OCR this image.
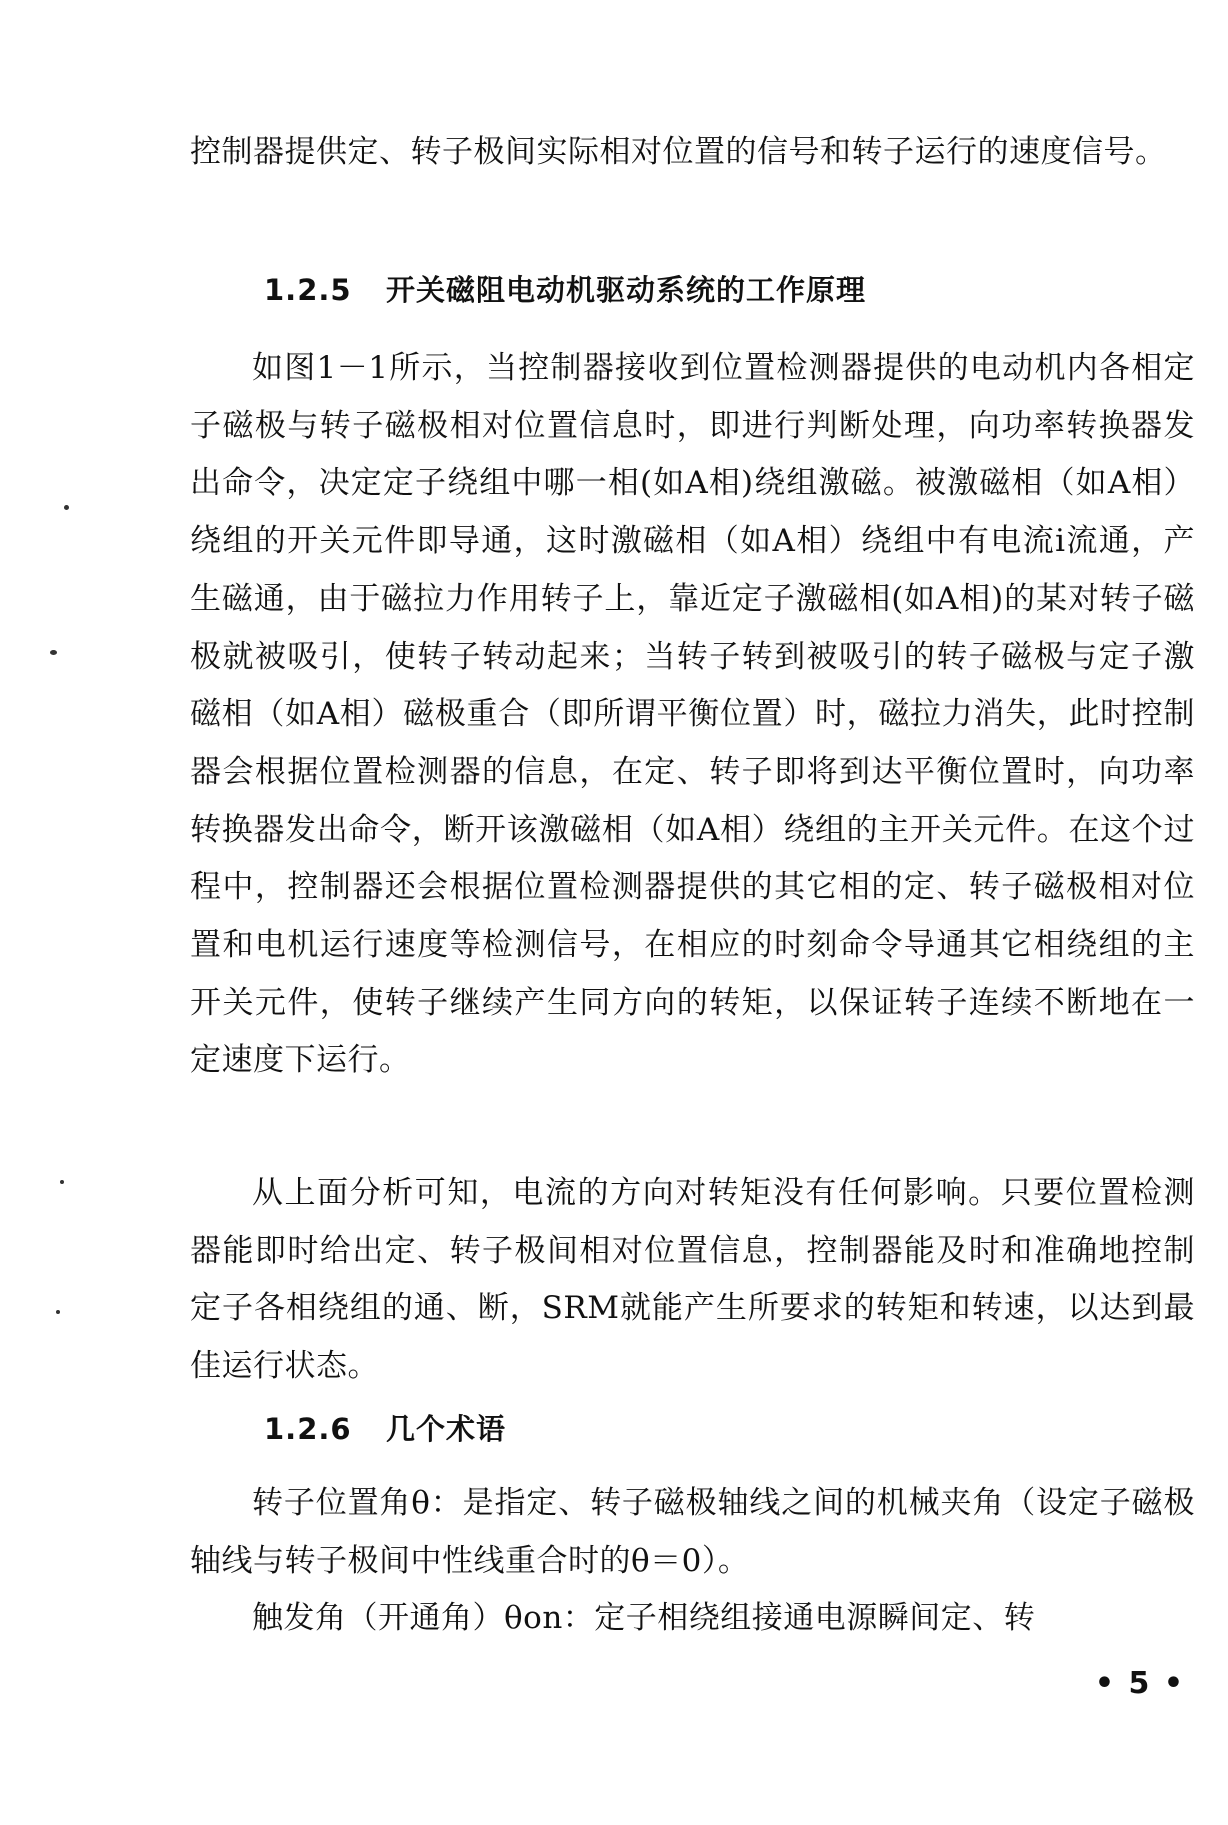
控制器提供定、转子极间实际相对位置的信号和转子运行的速度信号。

1.2.5 开关磁阻电动机驱动系统的工作原理

如图1－1所示，当控制器接收到位置检测器提供的电动机内各相定子磁极与转子磁极相对位置信息时，即进行判断处理，向功率转换器发出命令，决定定子绕组中哪一相(如A相)绕组激磁。被激磁相（如A相）绕组的开关元件即导通，这时激磁相（如A相）绕组中有电流i流通，产生磁通，由于磁拉力作用转子上，靠近定子激磁相(如A相)的某对转子磁极就被吸引，使转子转动起来；当转子转到被吸引的转子磁极与定子激磁相（如A相）磁极重合（即所谓平衡位置）时，磁拉力消失，此时控制器会根据位置检测器的信息，在定、转子即将到达平衡位置时，向功率转换器发出命令，断开该激磁相（如A相）绕组的主开关元件。在这个过程中，控制器还会根据位置检测器提供的其它相的定、转子磁极相对位置和电机运行速度等检测信号，在相应的时刻命令导通其它相绕组的主开关元件，使转子继续产生同方向的转矩，以保证转子连续不断地在一定速度下运行。

从上面分析可知，电流的方向对转矩没有任何影响。只要位置检测器能即时给出定、转子极间相对位置信息，控制器能及时和准确地控制定子各相绕组的通、断，SRM就能产生所要求的转矩和转速，以达到最佳运行状态。

1.2.6 几个术语

转子位置角θ：是指定、转子磁极轴线之间的机械夹角（设定子磁极轴线与转子极间中性线重合时的θ＝0）。

触发角（开通角）θon：定子相绕组接通电源瞬间定、转

• 5 •
